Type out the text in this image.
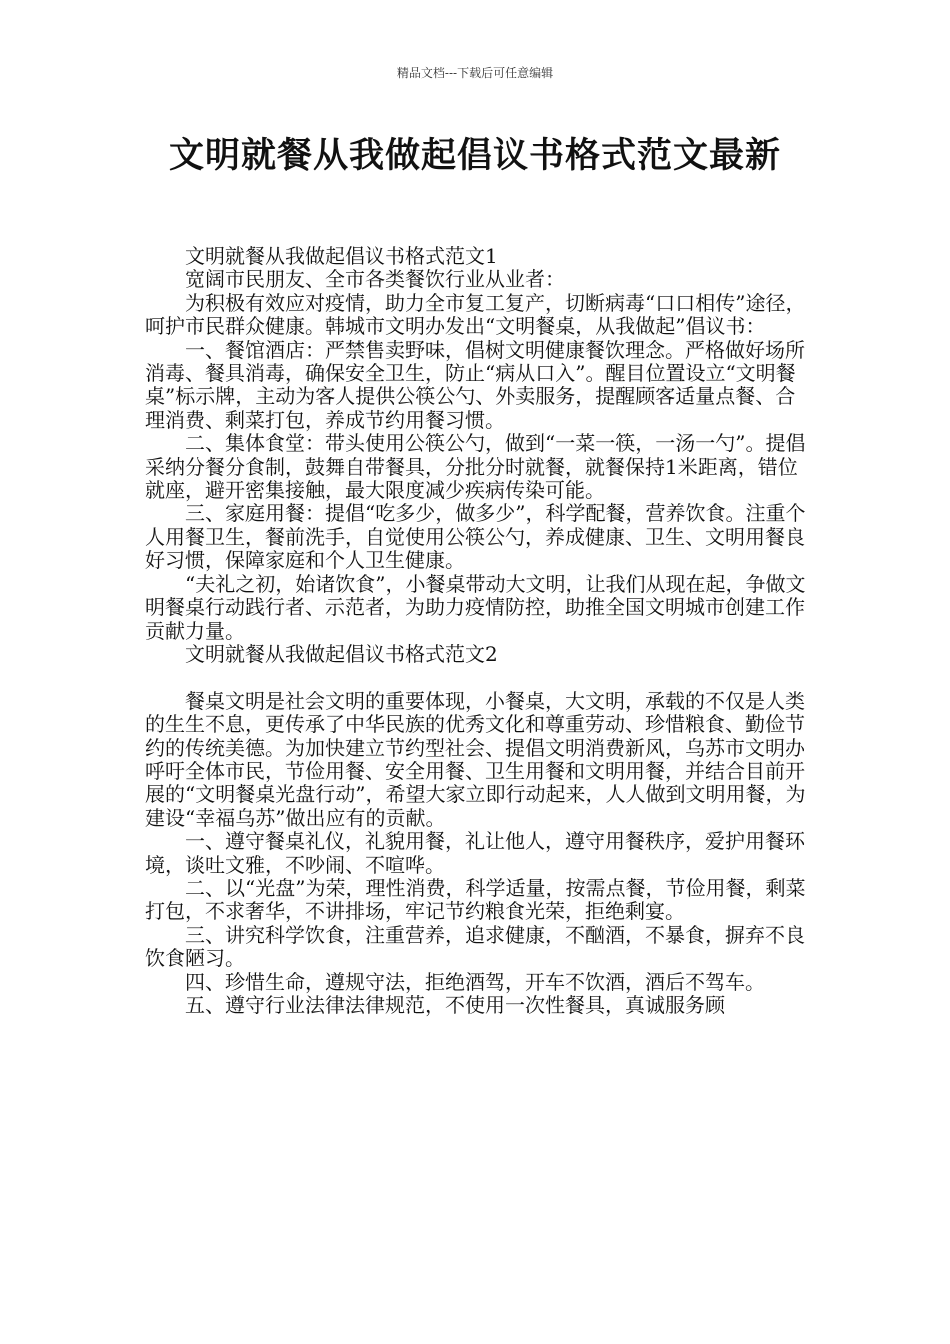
精品文档---下载后可任意编辑
文明就餐从我做起倡议书格式范文最新

文明就餐从我做起倡议书格式范文1

宽阔市民朋友、全市各类餐饮行业从业者：

为积极有效应对疫情，助力全市复工复产，切断病毒“口口相传”途径，呵护市民群众健康。韩城市文明办发出“文明餐桌，从我做起”倡议书：

一、餐馆酒店：严禁售卖野味，倡树文明健康餐饮理念。严格做好场所消毒、餐具消毒，确保安全卫生，防止“病从口入”。醒目位置设立“文明餐桌”标示牌，主动为客人提供公筷公勺、外卖服务，提醒顾客适量点餐、合理消费、剩菜打包，养成节约用餐习惯。

二、集体食堂：带头使用公筷公勺，做到“一菜一筷，一汤一勺”。提倡采纳分餐分食制，鼓舞自带餐具，分批分时就餐，就餐保持1米距离，错位就座，避开密集接触，最大限度减少疾病传染可能。

三、家庭用餐：提倡“吃多少，做多少”，科学配餐，营养饮食。注重个人用餐卫生，餐前洗手，自觉使用公筷公勺，养成健康、卫生、文明用餐良好习惯，保障家庭和个人卫生健康。

“夫礼之初，始诸饮食”，小餐桌带动大文明，让我们从现在起，争做文明餐桌行动践行者、示范者，为助力疫情防控，助推全国文明城市创建工作贡献力量。

文明就餐从我做起倡议书格式范文2

餐桌文明是社会文明的重要体现，小餐桌，大文明，承载的不仅是人类的生生不息，更传承了中华民族的优秀文化和尊重劳动、珍惜粮食、勤俭节约的传统美德。为加快建立节约型社会、提倡文明消费新风，乌苏市文明办呼吁全体市民，节俭用餐、安全用餐、卫生用餐和文明用餐，并结合目前开展的“文明餐桌光盘行动”，希望大家立即行动起来，人人做到文明用餐，为建设“幸福乌苏”做出应有的贡献。

一、遵守餐桌礼仪，礼貌用餐，礼让他人，遵守用餐秩序，爱护用餐环境，谈吐文雅，不吵闹、不喧哗。

二、以“光盘”为荣，理性消费，科学适量，按需点餐，节俭用餐，剩菜打包，不求奢华，不讲排场，牢记节约粮食光荣，拒绝剩宴。

三、讲究科学饮食，注重营养，追求健康，不酗酒，不暴食，摒弃不良饮食陋习。

四、珍惜生命，遵规守法，拒绝酒驾，开车不饮酒，酒后不驾车。

五、遵守行业法律法律规范，不使用一次性餐具，真诚服务顾
